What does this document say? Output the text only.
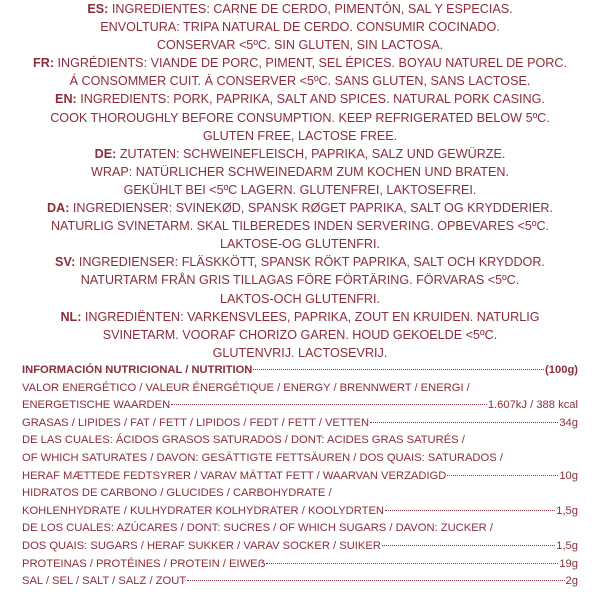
ES: INGREDIENTES: CARNE DE CERDO, PIMENTÓN, SAL Y ESPECIAS.

ENVOLTURA: TRIPA NATURAL DE CERDO. CONSUMIR COCINADO.

CONSERVAR <5ºC. SIN GLUTEN, SIN LACTOSA.

FR: INGRÉDIENTS: VIANDE DE PORC, PIMENT, SEL ÉPICES. BOYAU NATUREL DE PORC.

Á CONSOMMER CUIT. À CONSERVER <5ºC. SANS GLUTEN, SANS LACTOSE.

EN: INGREDIENTS: PORK, PAPRIKA, SALT AND SPICES. NATURAL PORK CASING.

COOK THOROUGHLY BEFORE CONSUMPTION. KEEP REFRIGERATED BELOW 5ºC.

GLUTEN FREE, LACTOSE FREE.

DE: ZUTATEN: SCHWEINEFLEISCH, PAPRIKA, SALZ UND GEWÜRZE.

WRAP: NATÜRLICHER SCHWEINEDARM ZUM KOCHEN UND BRATEN.

GEKÜHLT BEI <5ºC LAGERN. GLUTENFREI, LAKTOSEFREI.

DA: INGREDIENSER: SVINEKØD, SPANSK RØGET PAPRIKA, SALT OG KRYDDERIER.

NATURLIG SVINETARM. SKAL TILBEREDES INDEN SERVERING. OPBEVARES <5ºC.

LAKTOSE-OG GLUTENFRI.

SV: INGREDIENSER: FLÄSKKÖTT, SPANSK RÖKT PAPRIKA, SALT OCH KRYDDOR.

NATURTARM FRÅN GRIS TILLAGAS FÖRE FÖRTÄRING. FÖRVARAS <5ºC.

LAKTOS-OCH GLUTENFRI.

NL: INGREDIËNTEN: VARKENSVLEES, PAPRIKA, ZOUT EN KRUIDEN. NATURLIG

SVINETARM. VOORAF CHORIZO GAREN. HOUD GEKOELDE <5ºC.

GLUTENVRIJ. LACTOSEVRIJ.

INFORMACIÓN NUTRICIONAL / NUTRITION	(100g)
VALOR ENERGÉTICO / VALEUR ÉNERGÉTIQUE / ENERGY / BRENNWERT / ENERGI /
ENERGETISCHE WAARDEN	1.607kJ / 388 kcal
GRASAS / LIPIDES / FAT / FETT / LIPIDOS / FEDT / FETT / VETTEN	34g
DE LAS CUALES: ÁCIDOS GRASOS SATURADOS / DONT: ACIDES GRAS SATURÉS /
OF WHICH SATURATES / DAVON: GESÄTTIGTE FETTSÄUREN / DOS QUAIS: SATURADOS /
HERAF MÆTTEDE FEDTSYRER / VARAV MÄTTAT FETT / WAARVAN VERZADIGD	10g
HIDRATOS DE CARBONO / GLUCIDES / CARBOHYDRATE /
KOHLENHYDRATE / KULHYDRATER KOLHYDRATER / KOOLYDRTEN	1,5g
DE LOS CUALES: AZÚCARES / DONT: SUCRES / OF WHICH SUGARS / DAVON: ZUCKER /
DOS QUAIS: SUGARS / HERAF SUKKER / VARAV SOCKER / SUIKER	1,5g
PROTEINAS / PROTÉINES / PROTEIN / EIWEẞ	19g
SAL / SEL / SALT / SALZ / ZOUT	2g
